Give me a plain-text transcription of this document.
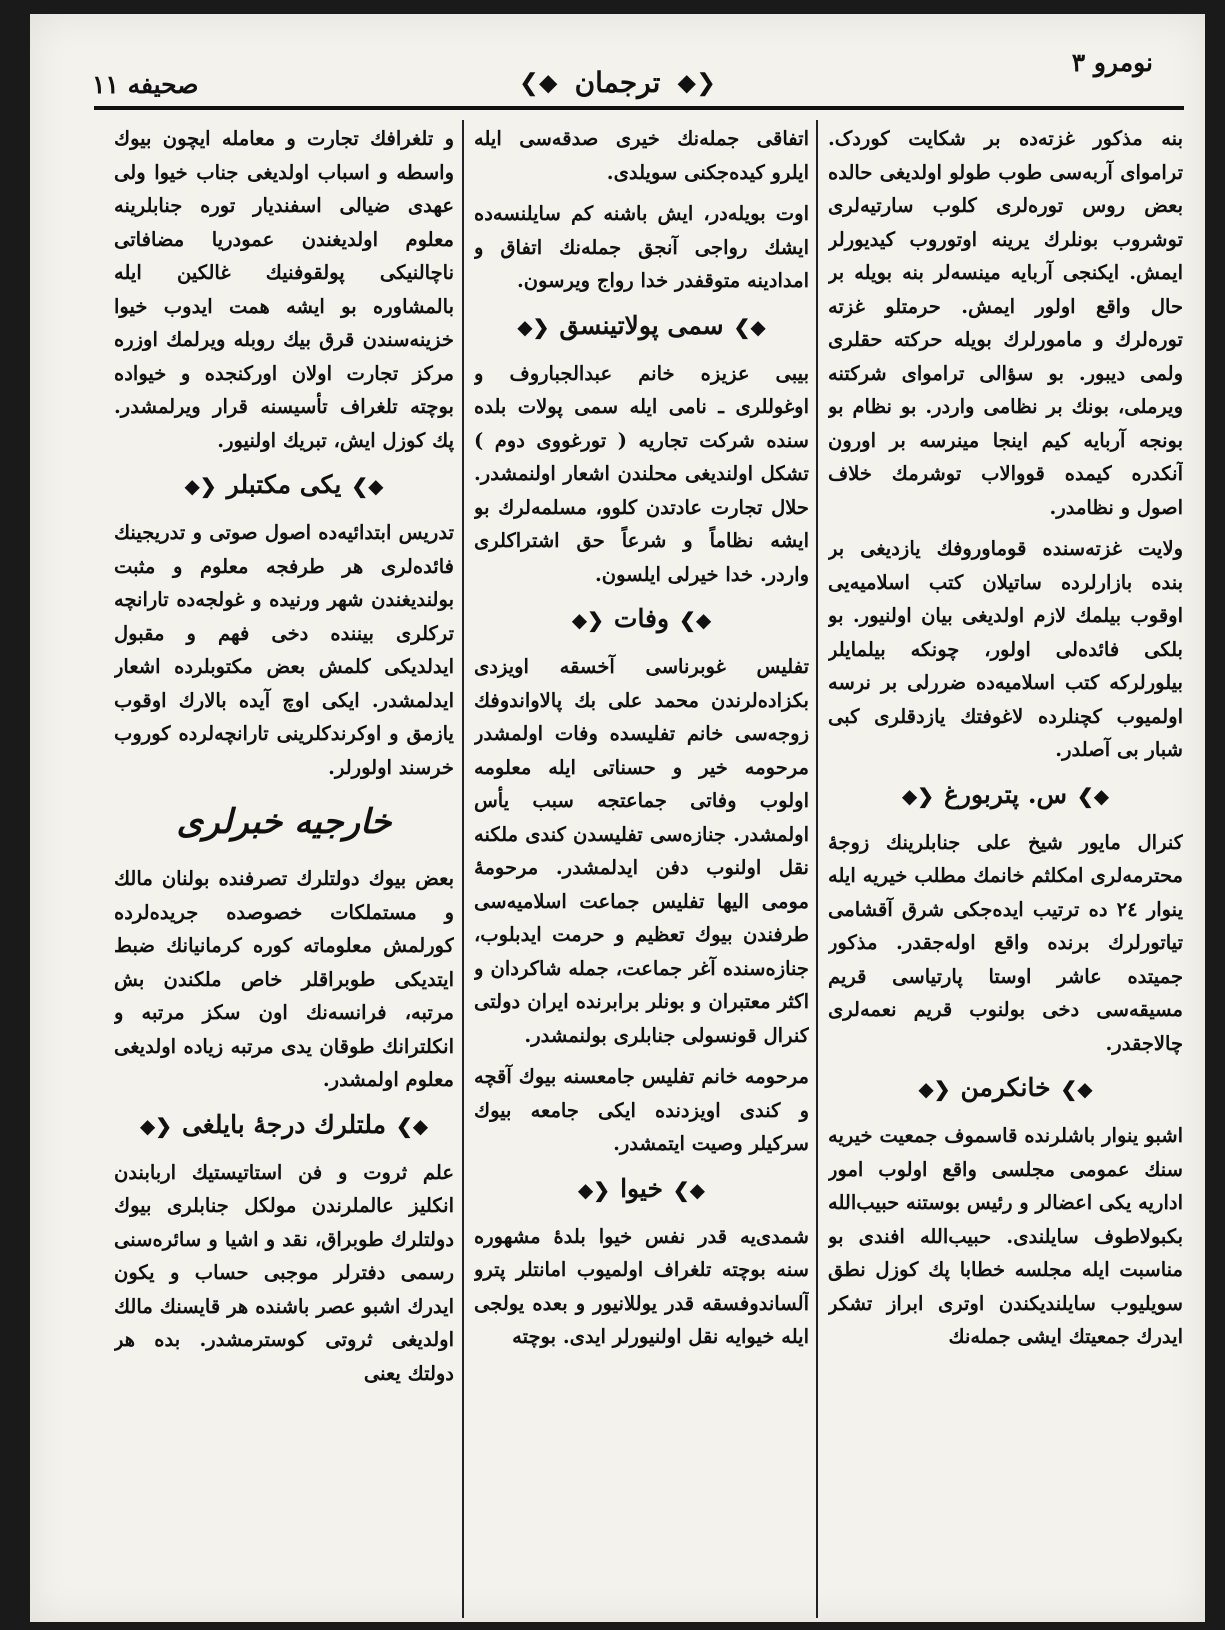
نومرو ٣
❮◆ ترجمان ◆❯
صحیفه ١١

بنه مذکور غزته‌ده بر شکایت کوردک. ترامواى آربه‌سى طوب طولو اولديغى حالده بعض روس توره‌لرى کلوب سارتيه‌لرى توشروب بونلرك يرينه اوتوروب کيديورلر ايمش. ايکنجى آربايه مينسه‌لر بنه بويله بر حال واقع اولور ايمش. حرمتلو غزته توره‌لرك و مامورلرك بويله حرکته حقلرى ولمى ديبور. بو سؤالى ترامواى شرکتنه ويرملى، بونك بر نظامى واردر. بو نظام بو بونجه آربايه کيم اينجا مينرسه بر اورون آنکدره کيمده قوواﻻب توشرمك خلاف اصول و نظامدر.

ولايت غزته‌سنده قوماوروفك يازديغى بر بنده بازارلرده ساتيلان کتب اسلاميه‌يى اوقوب بيلمك لازم اولديغى بيان اولنيور. بو بلکى فائده‌لى اولور، چونکه بيلمايلر بيلورلرکه کتب اسلاميه‌ده ضررلى بر نرسه اولميوب کچنلرده لاغوفتك يازدقلرى کبى شبار بى آصلدر.

◆❯س. پتربورغ❮◆

کنرال مايور شيخ على جنابلرينك زوجۀ محترمه‌لرى امکلثم خانمك مطلب خيريه ايله ينوار ٢٤ ده ترتيب ايده‌جکى شرق آقشامى تياتورلرك برنده واقع اوله‌جقدر. مذکور جميتده عاشر اوستا پارتياسى قريم مسيقه‌سى دخى بولنوب قريم نعمه‌لرى چاﻻجقدر.

◆❯خانکرمن❮◆

اشبو ينوار باشلرنده قاسموف جمعيت خيريه سنك عمومى مجلسى واقع اولوب امور اداريه يکى اعضالر و رئيس بوستنه حبيب‌الله بکبولاطوف سايلندى. حبيب‌الله افندى بو مناسبت ايله مجلسه خطابا پك کوزل نطق سويليوب سايلنديکندن اوترى ابراز تشکر ايدرك جمعيتك ايشى جمله‌نك

اتفاقى جمله‌نك خيرى صدقه‌سى ايله ايلرو کيده‌جکنى سويلدى.

اوت بويله‌در، ايش باشنه کم سايلنسه‌ده ايشك رواجى آنجق جمله‌نك اتفاق و امدادينه متوقفدر خدا رواج ويرسون.

◆❯سمى پولاتينسق❮◆

بيبى عزيزه خانم عبدالجباروف و اوغوللرى ـ نامى ايله سمى پولات بلده سنده شرکت تجاريه ( تورغووى دوم ) تشکل اولنديغى محلندن اشعار اولنمشدر. حلال تجارت عادتدن کلوو، مسلمه‌لرك بو ايشه نظاماً و شرعاً حق اشتراکلرى واردر. خدا خيرلى ايلسون.

◆❯وفات❮◆

تفليس غوبرناسى آخسقه اويزدى بکزاده‌لرندن محمد على بك پالاواندوفك زوجه‌سى خانم تفليسده وفات اولمشدر مرحومه خير و حسناتى ايله معلومه اولوب وفاتى جماعتجه سبب يأس اولمشدر. جنازه‌سى تفليسدن کندى ملکنه نقل اولنوب دفن ايدلمشدر. مرحومۀ مومى اليها تفليس جماعت اسلاميه‌سى طرفندن بيوك تعظيم و حرمت ايدبلوب، جنازه‌سنده آغر جماعت، جمله شاکردان و اکثر معتبران و بونلر برابرنده ايران دولتى کنرال قونسولى جنابلرى بولنمشدر.

مرحومه خانم تفليس جامعسنه بيوك آقچه و کندى اويزدنده ايکى جامعه بيوك سرکيلر وصيت ايتمشدر.

◆❯خيوا❮◆

شمدى‌يه قدر نفس خيوا بلدۀ مشهوره سنه بوچته تلغراف اولميوب امانتلر پترو آلساندوفسقه قدر يوللانيور و بعده يولجى ايله خيوايه نقل اولنيورلر ايدى. بوچته

و تلغرافك تجارت و معامله ايچون بيوك واسطه و اسباب اولديغى جناب خيوا ولى عهدى ضيالى اسفنديار توره جنابلرينه معلوم اولديغندن عمودريا مضافاتى ناچالنيکى پولقوفنيك غالکين ايله بالمشاوره بو ايشه همت ايدوب خيوا خزينه‌سندن قرق بيك روبله ويرلمك اوزره مرکز تجارت اولان اورکنجده و خيواده بوچته تلغراف تأسيسنه قرار ويرلمشدر. پك کوزل ايش، تبريك اولنيور.

◆❯يکى مکتبلر❮◆

تدريس ابتدائيه‌ده اصول صوتى و تدريجينك فائده‌لرى هر طرفجه معلوم و مثبت بولنديغندن شهر ورنيده و غولجه‌ده تارانچه ترکلرى بيننده دخى فهم و مقبول ايدلديکى کلمش بعض مکتوبلرده اشعار ايدلمشدر. ايکى اوچ آيده بالارك اوقوب يازمق و اوکرندکلرينى تارانچه‌لرده کوروب خرسند اولورلر.

خارجيه خبرلرى

بعض بيوك دولتلرك تصرفنده بولنان مالك و مستملکات خصوصده جريده‌لرده کورلمش معلوماته کوره کرمانيانك ضبط ايتديکى طوبراقلر خاص ملکندن بش مرتبه، فرانسه‌نك اون سکز مرتبه و انکلترانك طوقان يدى مرتبه زياده اولديغى معلوم اولمشدر.

◆❯ملتلرك درجۀ بايلغى❮◆

علم ثروت و فن استاتيستيك اربابندن انکليز عالملرندن مولکل جنابلرى بيوك دولتلرك طوبراق، نقد و اشيا و سائره‌سنى رسمى دفترلر موجبى حساب و يکون ايدرك اشبو عصر باشنده هر قايسنك مالك اولديغى ثروتى کوسترمشدر. بده هر دولتك يعنى
